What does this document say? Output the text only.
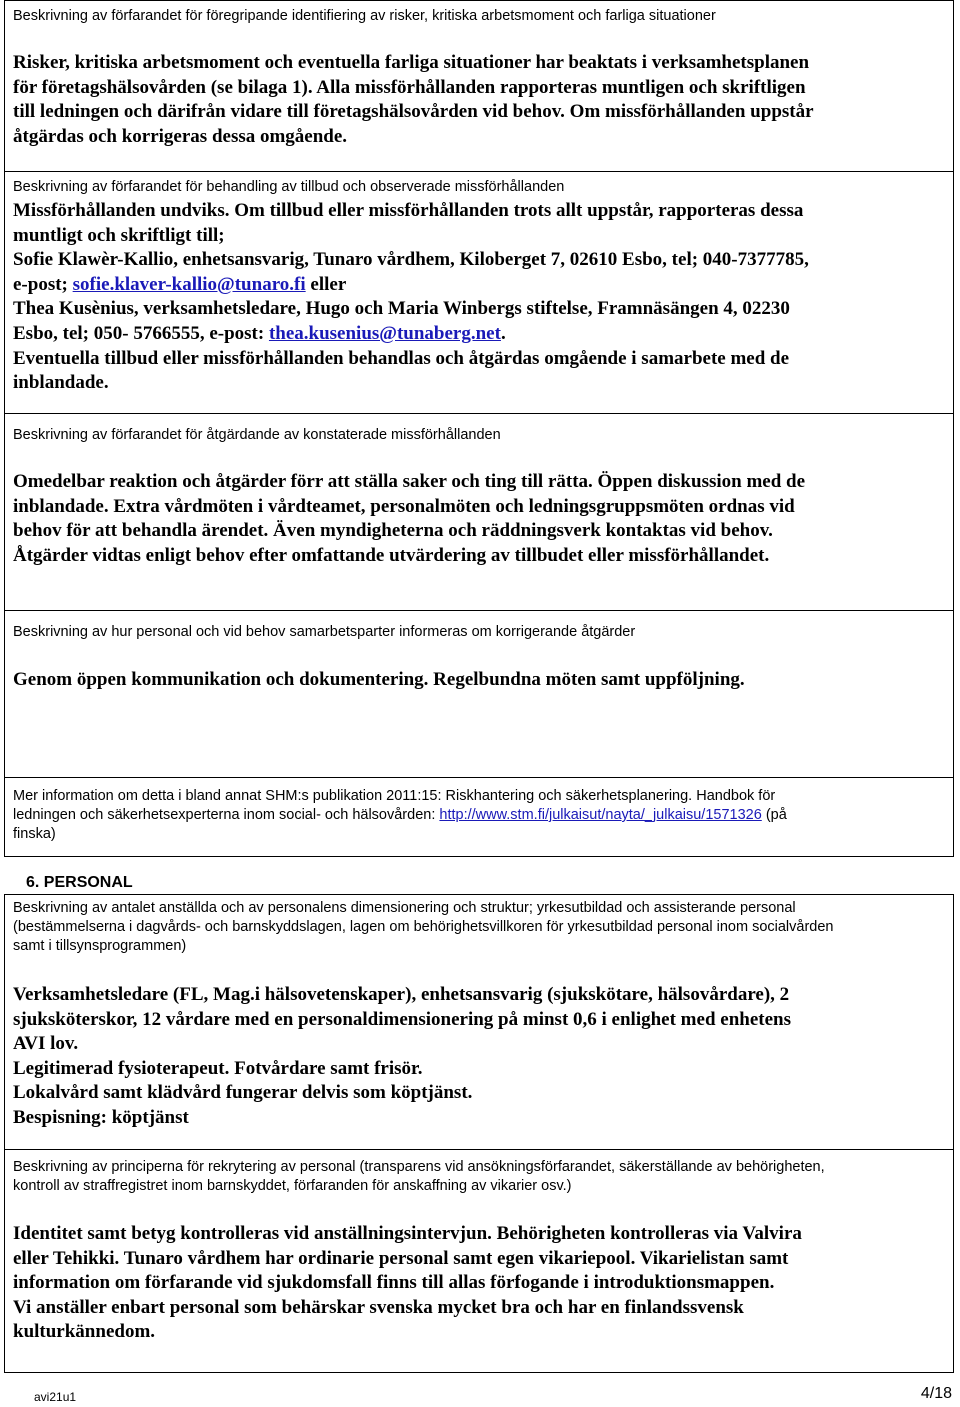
Beskrivning av förfarandet för föregripande identifiering av risker, kritiska arbetsmoment och farliga situationer
Risker, kritiska arbetsmoment och eventuella farliga situationer har beaktats i verksamhetsplanen
för företagshälsovården (se bilaga 1). Alla missförhållanden rapporteras muntligen och skriftligen
till ledningen och därifrån vidare till företagshälsovården vid behov. Om missförhållanden uppstår
åtgärdas och korrigeras dessa omgående.
Beskrivning av förfarandet för behandling av tillbud och observerade missförhållanden
Missförhållanden undviks. Om tillbud eller missförhållanden trots allt uppstår, rapporteras dessa
muntligt och skriftligt till;
Sofie Klawèr-Kallio, enhetsansvarig, Tunaro vårdhem, Kiloberget 7, 02610 Esbo, tel; 040-7377785,
e-post; sofie.klaver-kallio@tunaro.fi eller
Thea Kusènius, verksamhetsledare, Hugo och Maria Winbergs stiftelse, Framnäsängen 4, 02230
Esbo, tel; 050- 5766555, e-post: thea.kusenius@tunaberg.net.
Eventuella tillbud eller missförhållanden behandlas och åtgärdas omgående i samarbete med de
inblandade.
Beskrivning av förfarandet för åtgärdande av konstaterade missförhållanden
Omedelbar reaktion och åtgärder förr att ställa saker och ting till rätta. Öppen diskussion med de
inblandade. Extra vårdmöten i vårdteamet, personalmöten och ledningsgruppsmöten ordnas vid
behov för att behandla ärendet. Även myndigheterna och räddningsverk kontaktas vid behov.
Åtgärder vidtas enligt behov efter omfattande utvärdering av tillbudet eller missförhållandet.
Beskrivning av hur personal och vid behov samarbetsparter informeras om korrigerande åtgärder
Genom öppen kommunikation och dokumentering. Regelbundna möten samt uppföljning.
Mer information om detta i bland annat SHM:s publikation 2011:15: Riskhantering och säkerhetsplanering. Handbok för
ledningen och säkerhetsexperterna inom social- och hälsovården: http://www.stm.fi/julkaisut/nayta/_julkaisu/1571326 (på
finska)
6. PERSONAL
Beskrivning av antalet anställda och av personalens dimensionering och struktur; yrkesutbildad och assisterande personal
(bestämmelserna i dagvårds- och barnskyddslagen, lagen om behörighetsvillkoren för yrkesutbildad personal inom socialvården
samt i tillsynsprogrammen)
Verksamhetsledare (FL, Mag.i hälsovetenskaper), enhetsansvarig (sjukskötare, hälsovårdare), 2
sjuksköterskor, 12 vårdare med en personaldimensionering på minst 0,6 i enlighet med enhetens
AVI lov.
Legitimerad fysioterapeut. Fotvårdare samt frisör.
Lokalvård samt klädvård fungerar delvis som köptjänst.
Bespisning: köptjänst
Beskrivning av principerna för rekrytering av personal (transparens vid ansökningsförfarandet, säkerställande av behörigheten,
kontroll av straffregistret inom barnskyddet, förfaranden för anskaffning av vikarier osv.)
Identitet samt betyg kontrolleras vid anställningsintervjun. Behörigheten kontrolleras via Valvira
eller Tehikki. Tunaro vårdhem har ordinarie personal samt egen vikariepool. Vikarielistan samt
information om förfarande vid sjukdomsfall finns till allas förfogande i introduktionsmappen.
Vi anställer enbart personal som behärskar svenska mycket bra och har en finlandssvensk
kulturkännedom.
avi21u1	4/18
